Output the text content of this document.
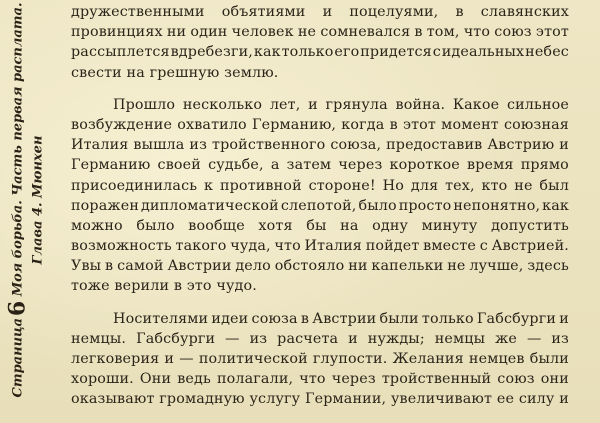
Страница6 Моя борьба. Часть первая расплата. Глава 4. Мюнхен
дружественными объятиями и поцелуями, в славянских
провинциях ни один человек не сомневался в том, что союз этот
рассыплется вдребезги, как только его придется с идеальных небес
свести на грешную землю.
Прошло несколько лет, и грянула война. Какое сильное
возбуждение охватило Германию, когда в этот момент союзная
Италия вышла из тройственного союза, предоставив Австрию и
Германию своей судьбе, а затем через короткое время прямо
присоединилась к противной стороне! Но для тех, кто не был
поражен дипломатической слепотой, было просто непонятно, как
можно было вообще хотя бы на одну минуту допустить
возможность такого чуда, что Италия пойдет вместе с Австрией.
Увы в самой Австрии дело обстояло ни капельки не лучше, здесь
тоже верили в это чудо.
Носителями идеи союза в Австрии были только Габсбурги и
немцы. Габсбурги — из расчета и нужды; немцы же — из
легковерия и — политической глупости. Желания немцев были
хороши. Они ведь полагали, что через тройственный союз они
оказывают громадную услугу Германии, увеличивают ее силу и
